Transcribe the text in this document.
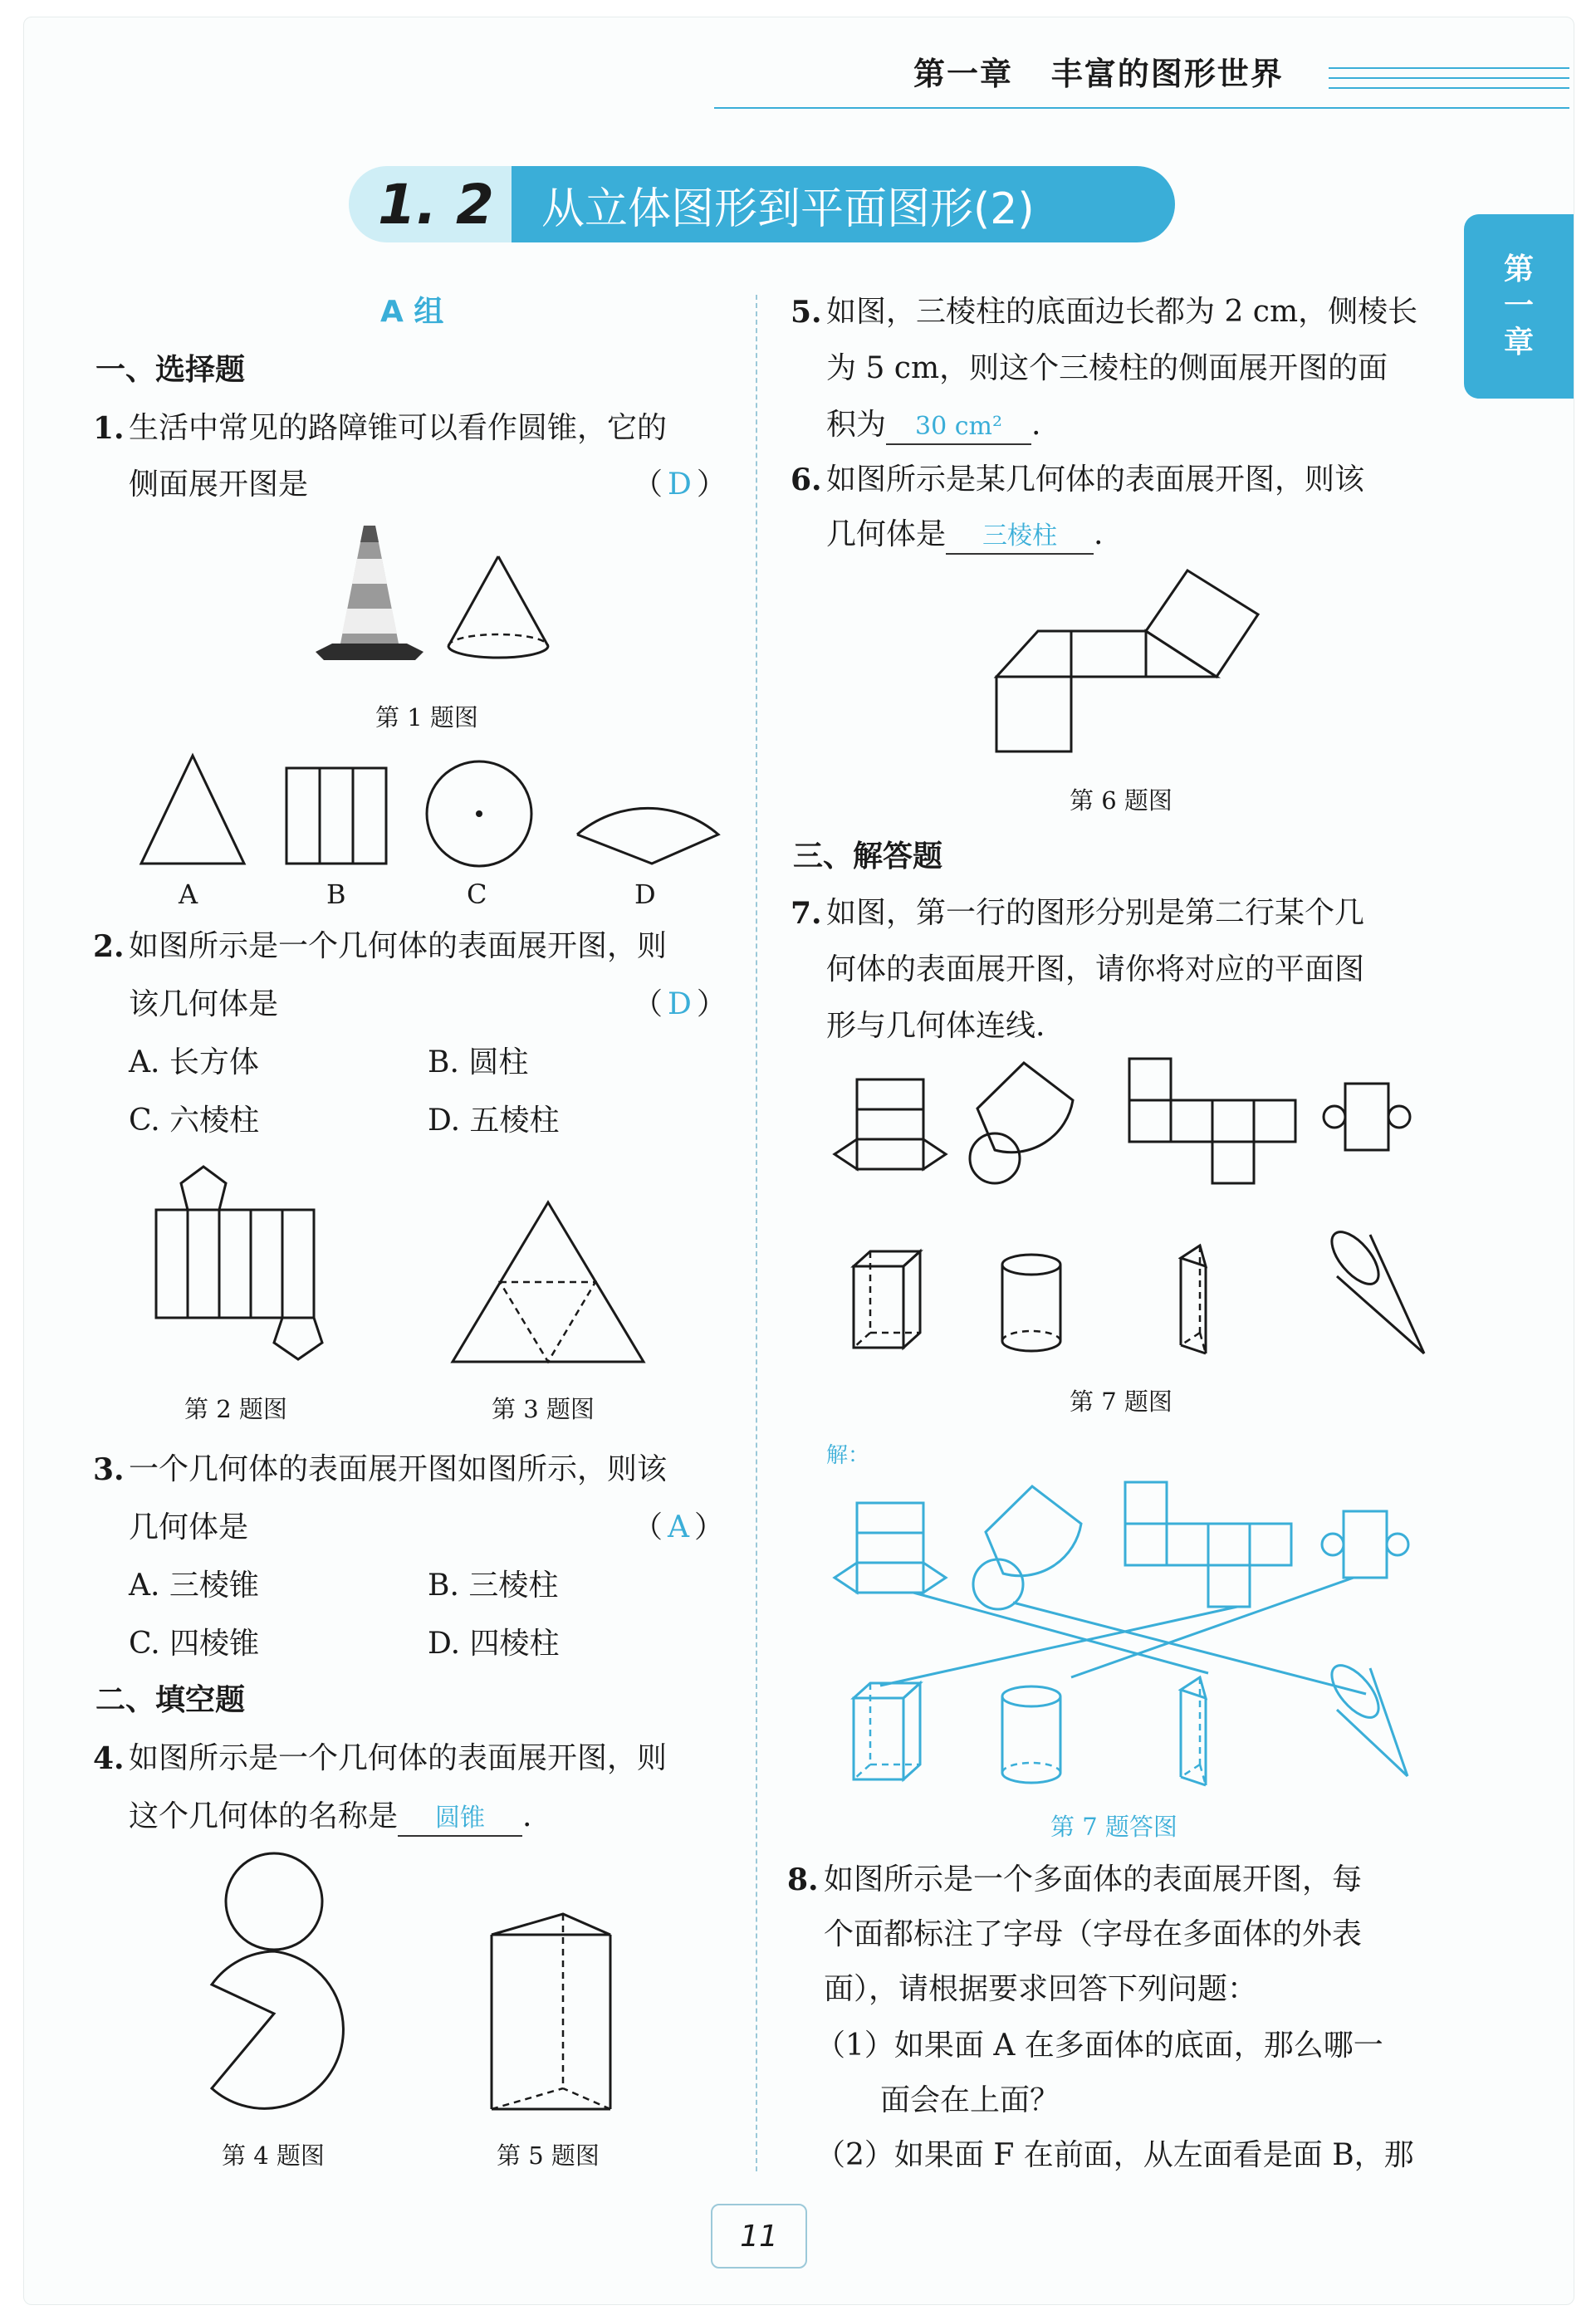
第一章   丰富的图形世界
1. 2	从立体图形到平面图形(2)
第
一
章
A 组
一、选择题
1. 生活中常见的路障锥可以看作圆锥，它的
侧面展开图是	（ D ）
第 1 题图
A	B	C	D
2. 如图所示是一个几何体的表面展开图，则
该几何体是	（ D ）
A. 长方体	B. 圆柱
C. 六棱柱	D. 五棱柱
第 2 题图	第 3 题图
3. 一个几何体的表面展开图如图所示，则该
几何体是	（ A ）
A. 三棱锥	B. 三棱柱
C. 四棱锥	D. 四棱柱
二、填空题
4. 如图所示是一个几何体的表面展开图，则
这个几何体的名称是 圆锥 .
第 4 题图	第 5 题图
5. 如图，三棱柱的底面边长都为 2 cm，侧棱长
为 5 cm，则这个三棱柱的侧面展开图的面
积为 30 cm² .
6. 如图所示是某几何体的表面展开图，则该
几何体是 三棱柱 .
第 6 题图
三、解答题
7. 如图，第一行的图形分别是第二行某个几
何体的表面展开图，请你将对应的平面图
形与几何体连线.
第 7 题图
解：
第 7 题答图
8. 如图所示是一个多面体的表面展开图，每
个面都标注了字母（字母在多面体的外表
面），请根据要求回答下列问题：
（1）如果面 A 在多面体的底面，那么哪一
面会在上面？
（2）如果面 F 在前面，从左面看是面 B，那
11
